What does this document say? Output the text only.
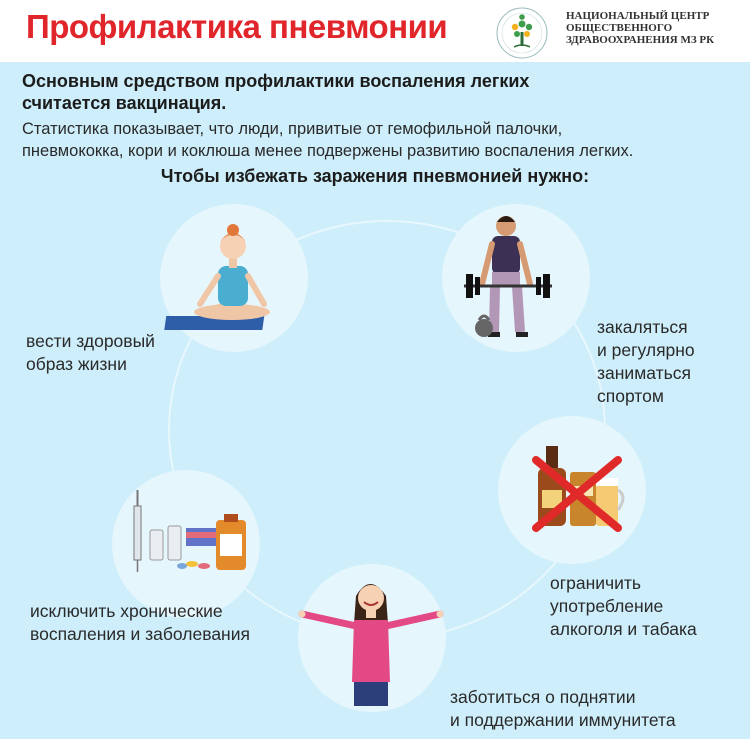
Профилактика пневмонии	НАЦИОНАЛЬНЫЙ ЦЕНТР
ОБЩЕСТВЕННОГО
ЗДРАВООХРАНЕНИЯ МЗ РК
Основным средством профилактики воспаления легких
считается вакцинация.
Статистика показывает, что люди, привитые от гемофильной палочки,
пневмококка, кори и коклюша менее подвержены развитию воспаления легких.
Чтобы избежать заражения пневмонией нужно:
вести здоровый
образ жизни
закаляться
и регулярно
заниматься
спортом
ограничить
употребление
алкоголя и табака
исключить хронические
воспаления и заболевания
заботиться о поднятии
и поддержании иммунитета
